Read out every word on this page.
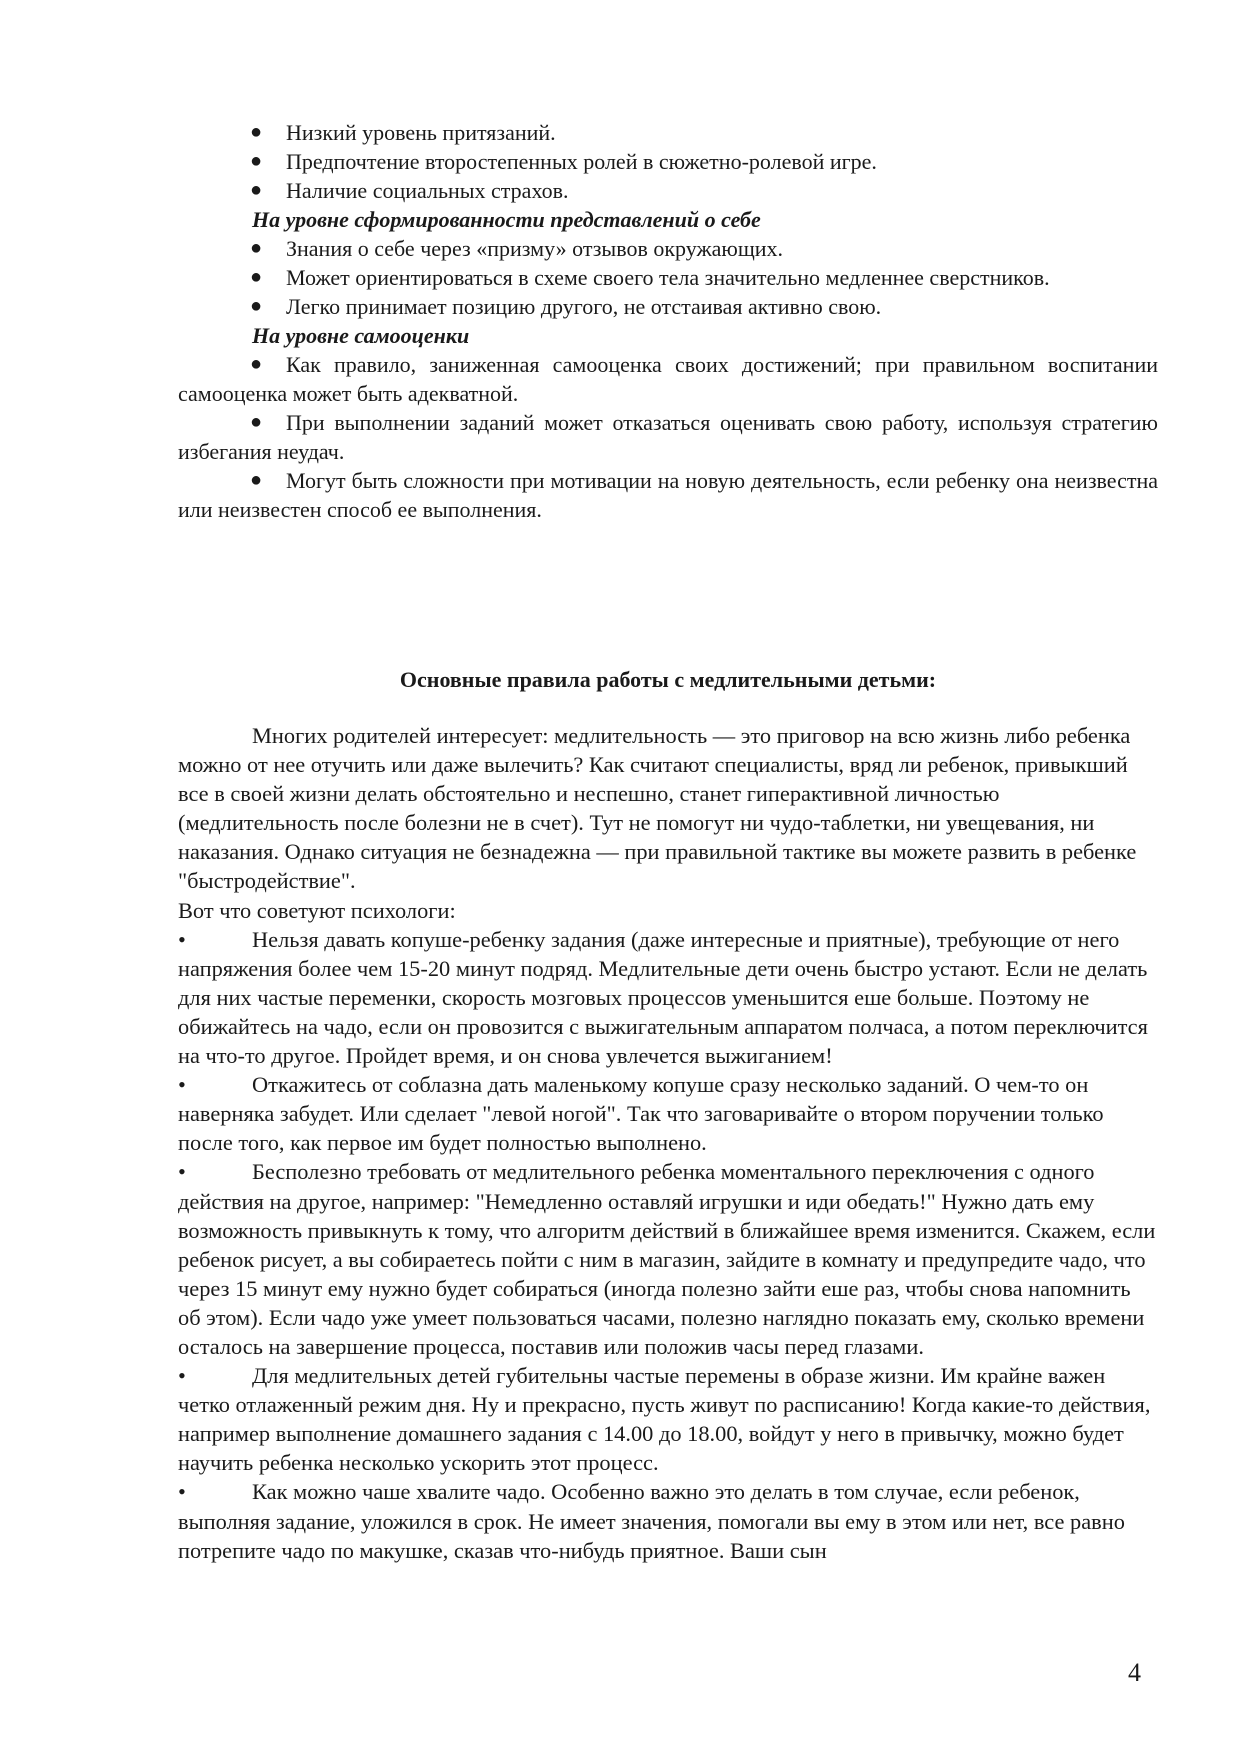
● Низкий уровень притязаний.
● Предпочтение второстепенных ролей в сюжетно-ролевой игре.
● Наличие социальных страхов.
На уровне сформированности представлений о себе
● Знания о себе через «призму» отзывов окружающих.
● Может ориентироваться в схеме своего тела значительно медленнее сверстников.
● Легко принимает позицию другого, не отстаивая активно свою.
На уровне самооценки
● Как правило, заниженная самооценка своих достижений; при правильном воспитании самооценка может быть адекватной.
● При выполнении заданий может отказаться оценивать свою работу, используя стратегию избегания неудач.
● Могут быть сложности при мотивации на новую деятельность, если ребенку она неизвестна или неизвестен способ ее выполнения.
Основные правила работы с медлительными детьми:
Многих родителей интересует: медлительность — это приговор на всю жизнь либо ребенка можно от нее отучить или даже вылечить? Как считают специалисты, вряд ли ребенок, привыкший все в своей жизни делать обстоятельно и неспешно, станет гиперактивной личностью (медлительность после болезни не в счет). Тут не помогут ни чудо-таблетки, ни увещевания, ни наказания. Однако ситуация не безнадежна — при правильной тактике вы можете развить в ребенке "быстродействие".
Вот что советуют психологи:
•	Нельзя давать копуше-ребенку задания (даже интересные и приятные), требующие от него напряжения более чем 15-20 минут подряд. Медлительные дети очень быстро устают. Если не делать для них частые переменки, скорость мозговых процессов уменьшится еше больше. Поэтому не обижайтесь на чадо, если он провозится с выжигательным аппаратом полчаса, а потом переключится на что-то другое. Пройдет время, и он снова увлечется выжиганием!
•	Откажитесь от соблазна дать маленькому копуше сразу несколько заданий. О чем-то он наверняка забудет. Или сделает "левой ногой". Так что заговаривайте о втором поручении только после того, как первое им будет полностью выполнено.
•	Бесполезно требовать от медлительного ребенка моментального переключения с одного действия на другое, например: "Немедленно оставляй игрушки и иди обедать!" Нужно дать ему возможность привыкнуть к тому, что алгоритм действий в ближайшее время изменится. Скажем, если ребенок рисует, а вы собираетесь пойти с ним в магазин, зайдите в комнату и предупредите чадо, что через 15 минут ему нужно будет собираться (иногда полезно зайти еше раз, чтобы снова напомнить об этом). Если чадо уже умеет пользоваться часами, полезно наглядно показать ему, сколько времени осталось на завершение процесса, поставив или положив часы перед глазами.
•	Для медлительных детей губительны частые перемены в образе жизни. Им крайне важен четко отлаженный режим дня. Ну и прекрасно, пусть живут по расписанию! Когда какие-то действия, например выполнение домашнего задания с 14.00 до 18.00, войдут у него в привычку, можно будет научить ребенка несколько ускорить этот процесс.
•	Как можно чаше хвалите чадо. Особенно важно это делать в том случае, если ребенок, выполняя задание, уложился в срок. Не имеет значения, помогали вы ему в этом или нет, все равно потрепите чадо по макушке, сказав что-нибудь приятное. Ваши сын
4
